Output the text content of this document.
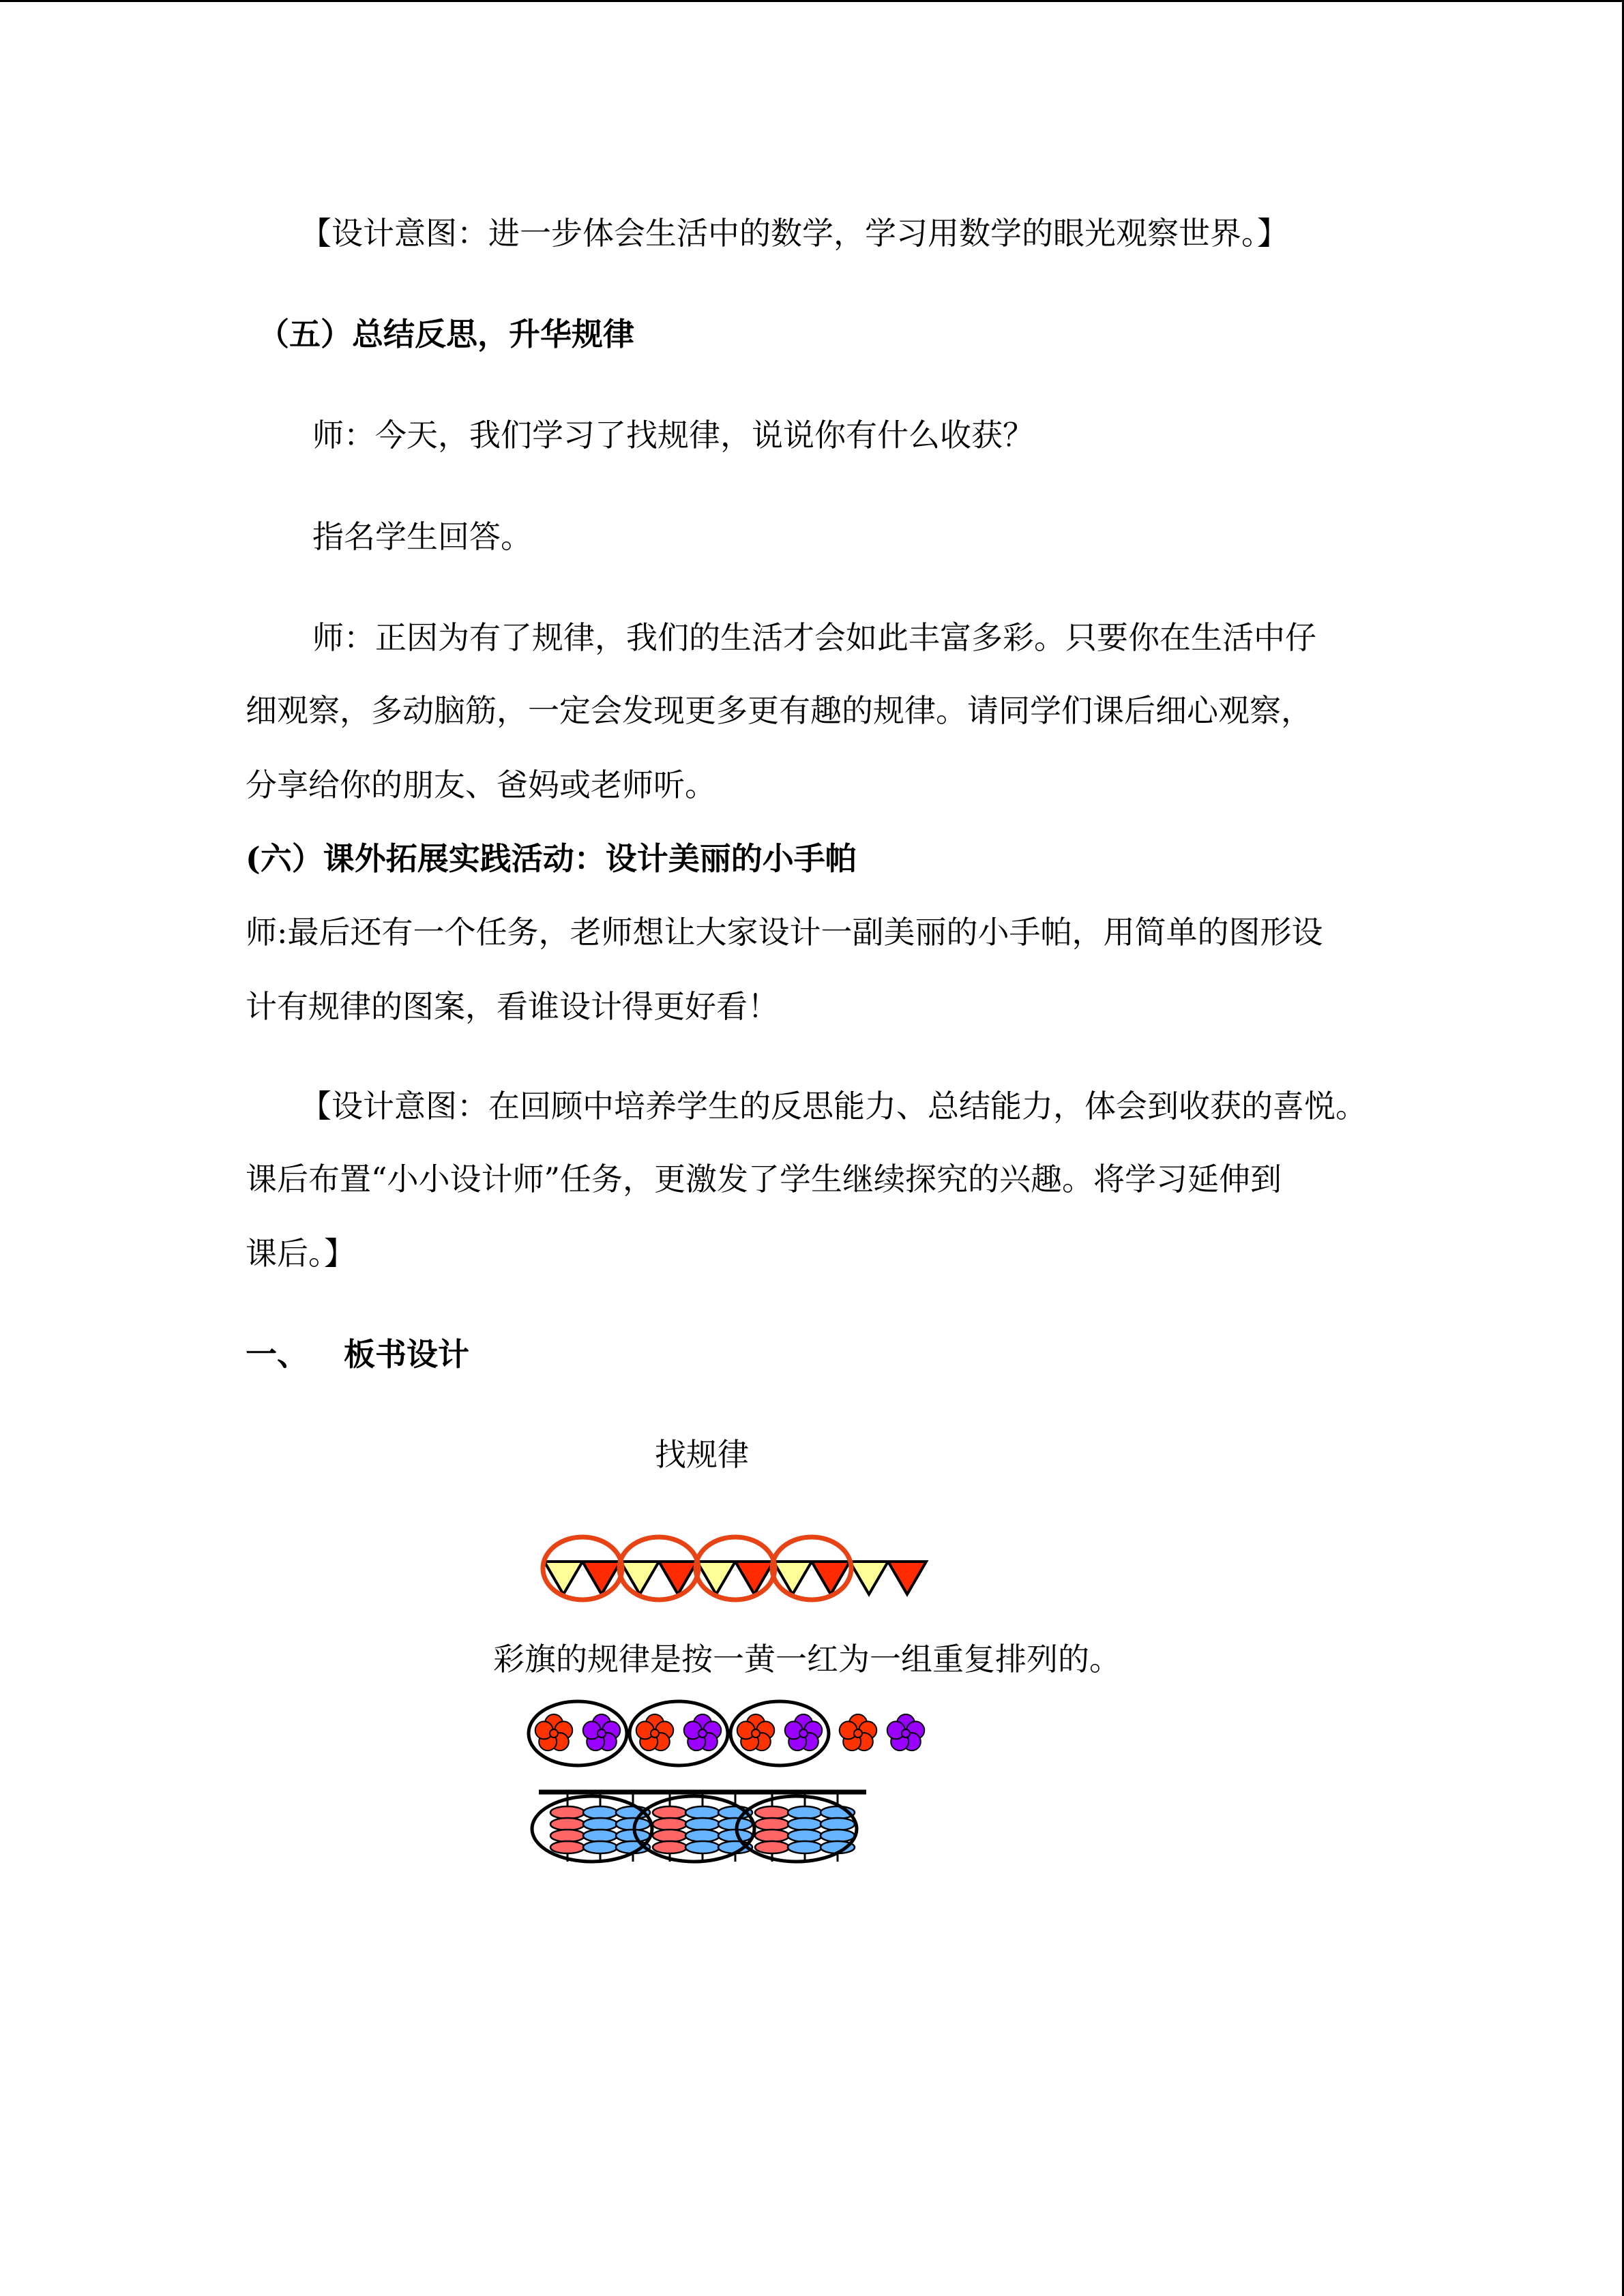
【设计意图：进一步体会生活中的数学，学习用数学的眼光观察世界。】
（五）总结反思，升华规律
师：今天，我们学习了找规律，说说你有什么收获？
指名学生回答。
师：正因为有了规律，我们的生活才会如此丰富多彩。只要你在生活中仔
细观察，多动脑筋，一定会发现更多更有趣的规律。请同学们课后细心观察，
分享给你的朋友、爸妈或老师听。
(六）课外拓展实践活动：设计美丽的小手帕
师:最后还有一个任务，老师想让大家设计一副美丽的小手帕，用简单的图形设
计有规律的图案，看谁设计得更好看！
【设计意图：在回顾中培养学生的反思能力、总结能力，体会到收获的喜悦。
课后布置“小小设计师”任务，更激发了学生继续探究的兴趣。将学习延伸到
课后。】
一、 板书设计
找规律
彩旗的规律是按一黄一红为一组重复排列的。
